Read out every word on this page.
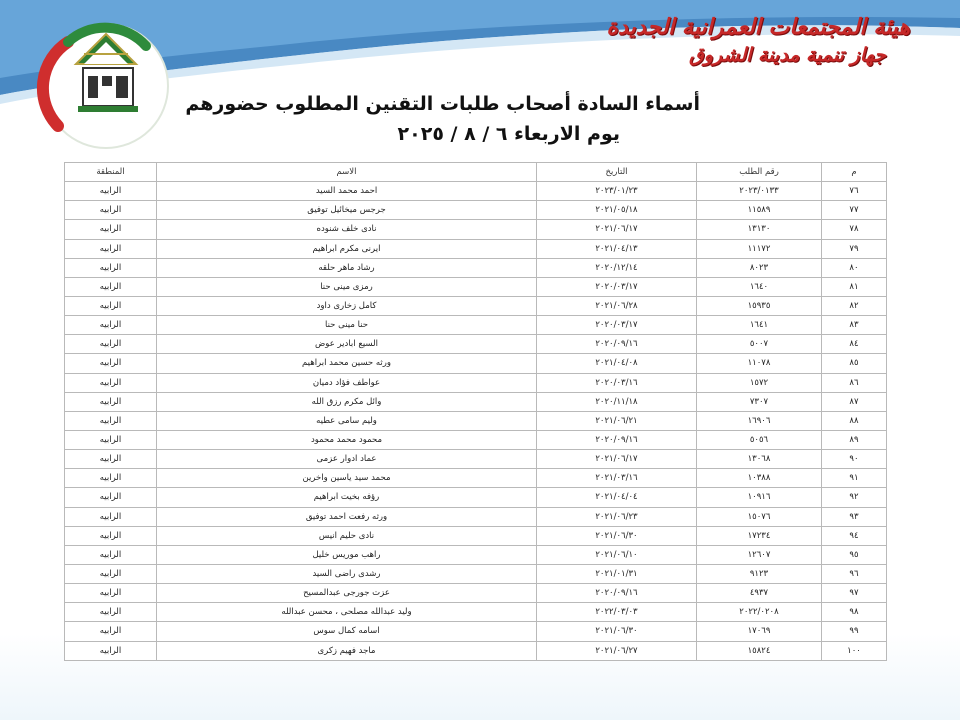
هيئة المجتمعات العمرانية الجديدة
جهاز تنمية مدينة الشروق
أسماء السادة أصحاب طلبات التقنين المطلوب حضورهم
يوم الاربعاء ٦ / ٨ / ٢٠٢٥
م	رقم الطلب	التاريخ	الاسم	المنطقة
٧٦	٢٠٢٣/٠١٣٣	٢٠٢٣/٠١/٢٣	احمد محمد السيد	الرابيه
٧٧	١١٥٨٩	٢٠٢١/٠٥/١٨	جرجس ميخائيل توفيق	الرابيه
٧٨	١٣١٣٠	٢٠٢١/٠٦/١٧	نادى خلف شنوده	الرابيه
٧٩	١١١٧٢	٢٠٢١/٠٤/١٣	ايرنى مكرم ابراهيم	الرابيه
٨٠	٨٠٢٣	٢٠٢٠/١٢/١٤	رشاد ماهر حلقه	الرابيه
٨١	١٦٤٠	٢٠٢٠/٠٣/١٧	رمزى مينى حنا	الرابيه
٨٢	١٥٩٣٥	٢٠٢١/٠٦/٢٨	كامل زخارى داود	الرابيه
٨٣	١٦٤١	٢٠٢٠/٠٣/١٧	حنا مينى حنا	الرابيه
٨٤	٥٠٠٧	٢٠٢٠/٠٩/١٦	السيع ابادير عوض	الرابيه
٨٥	١١٠٧٨	٢٠٢١/٠٤/٠٨	ورثه حسين محمد ابراهيم	الرابيه
٨٦	١٥٧٢	٢٠٢٠/٠٣/١٦	عواطف فؤاد دميان	الرابيه
٨٧	٧٣٠٧	٢٠٢٠/١١/١٨	وائل مكرم رزق الله	الرابيه
٨٨	١٦٩٠٦	٢٠٢١/٠٦/٢١	وليم سامى عطيه	الرابيه
٨٩	٥٠٥٦	٢٠٢٠/٠٩/١٦	محمود محمد محمود	الرابيه
٩٠	١٣٠٦٨	٢٠٢١/٠٦/١٧	عماد ادوار عزمى	الرابيه
٩١	١٠٣٨٨	٢٠٢١/٠٣/١٦	محمد سيد ياسين واخرين	الرابيه
٩٢	١٠٩١٦	٢٠٢١/٠٤/٠٤	رؤفه بخيت ابراهيم	الرابيه
٩٣	١٥٠٧٦	٢٠٢١/٠٦/٢٣	ورثه رفعت احمد توفيق	الرابيه
٩٤	١٧٢٣٤	٢٠٢١/٠٦/٣٠	نادى حليم انيس	الرابيه
٩٥	١٢٦٠٧	٢٠٢١/٠٦/١٠	راهب موريس خليل	الرابيه
٩٦	٩١٢٣	٢٠٢١/٠١/٣١	رشدى راضى السيد	الرابيه
٩٧	٤٩٣٧	٢٠٢٠/٠٩/١٦	عزت جورجى عبدالمسيح	الرابيه
٩٨	٢٠٢٢/٠٢٠٨	٢٠٢٢/٠٣/٠٣	وليد عبدالله مصلحى ، محسن عبدالله	الرابيه
٩٩	١٧٠٦٩	٢٠٢١/٠٦/٣٠	اسامه كمال سوس	الرابيه
١٠٠	١٥٨٢٤	٢٠٢١/٠٦/٢٧	ماجد فهيم زكرى	الرابيه
